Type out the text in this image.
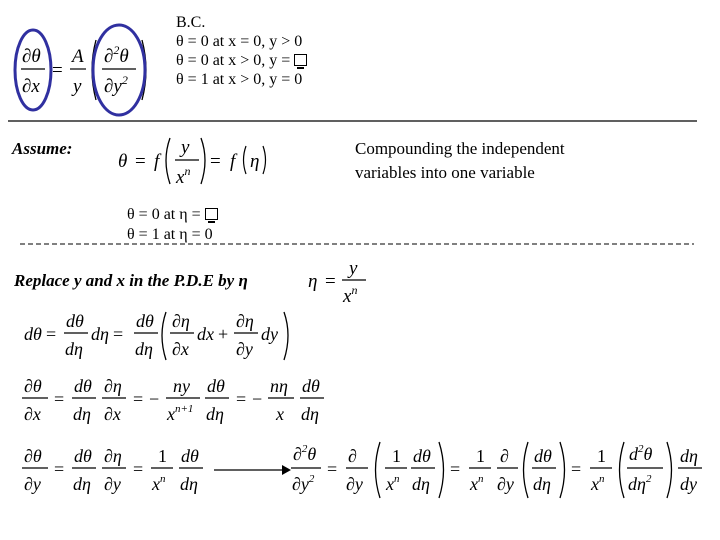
B.C.
θ = 0 at x = 0, y > 0
θ = 0 at x > 0, y =
θ = 1 at x > 0, y = 0
Assume:	Compounding the independent
variables into one variable
θ = 0 at η =
θ = 1 at η = 0
Replace y and x in the P.D.E by η
∂θ
∂x
=
A
y
∂$^2$θ
$\partial y^2$
θ = f
y
$x^n = f$ η
η =
y
$x^n$
dθ =
dθ
dη
dη =
dθ
dη
∂η
∂x
dx +
∂η
∂y
dy
∂θ
∂x
=
dθ
dη
∂η
∂x
= −
ny
$x^{n+1}$
dθ
dη
= −
nη
x
dθ
dη
∂θ
∂y
=
dθ
dη
∂η
∂y
=
1
$x^n$
dθ
dη
∂$^2$θ
$\partial y^2$ =
∂
∂y
1
$x^n$
dθ
dη
=
1
$x^n$
∂
∂y
dθ
dη
=
1
$x^n$
$d^2\theta$
$d\eta^2$
dη
dy
